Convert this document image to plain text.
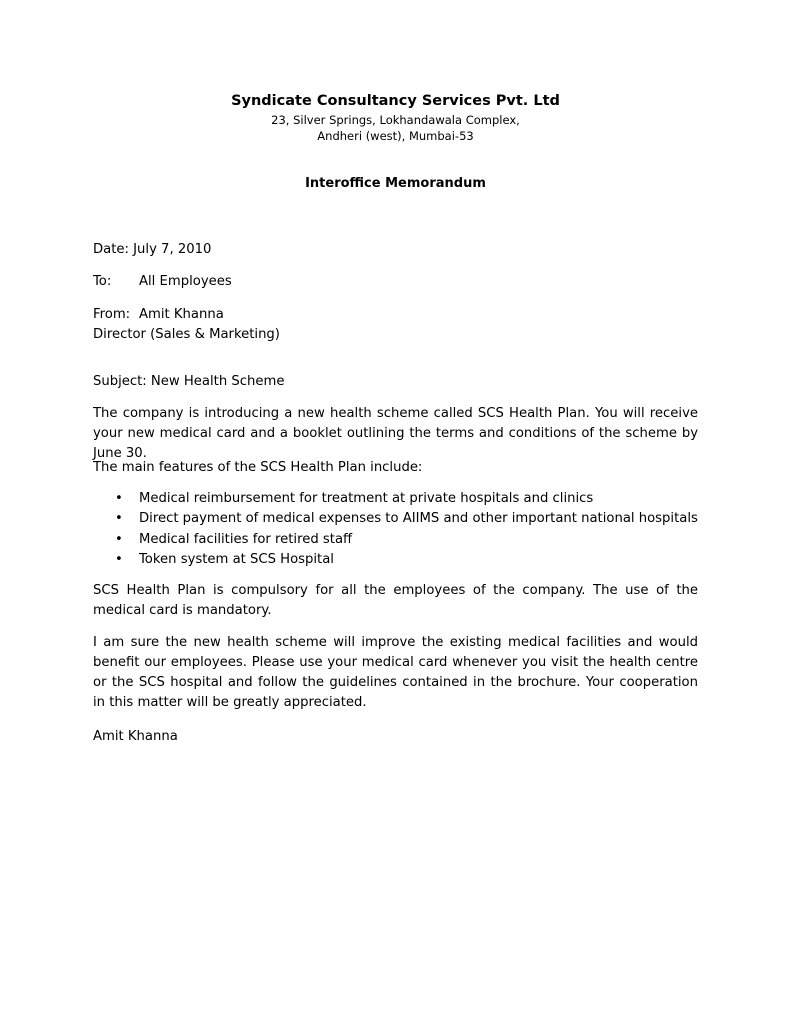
Syndicate Consultancy Services Pvt. Ltd
23, Silver Springs, Lokhandawala Complex,
Andheri (west), Mumbai-53
Interoffice Memorandum
Date: July 7, 2010
To: All Employees
From: Amit Khanna
Director (Sales & Marketing)
Subject: New Health Scheme
The company is introducing a new health scheme called SCS Health Plan. You will receive your new medical card and a booklet outlining the terms and conditions of the scheme by June 30.
The main features of the SCS Health Plan include:
• Medical reimbursement for treatment at private hospitals and clinics
• Direct payment of medical expenses to AIIMS and other important national hospitals
• Medical facilities for retired staff
• Token system at SCS Hospital
SCS Health Plan is compulsory for all the employees of the company. The use of the medical card is mandatory.
I am sure the new health scheme will improve the existing medical facilities and would benefit our employees. Please use your medical card whenever you visit the health centre or the SCS hospital and follow the guidelines contained in the brochure. Your cooperation in this matter will be greatly appreciated.
Amit Khanna
